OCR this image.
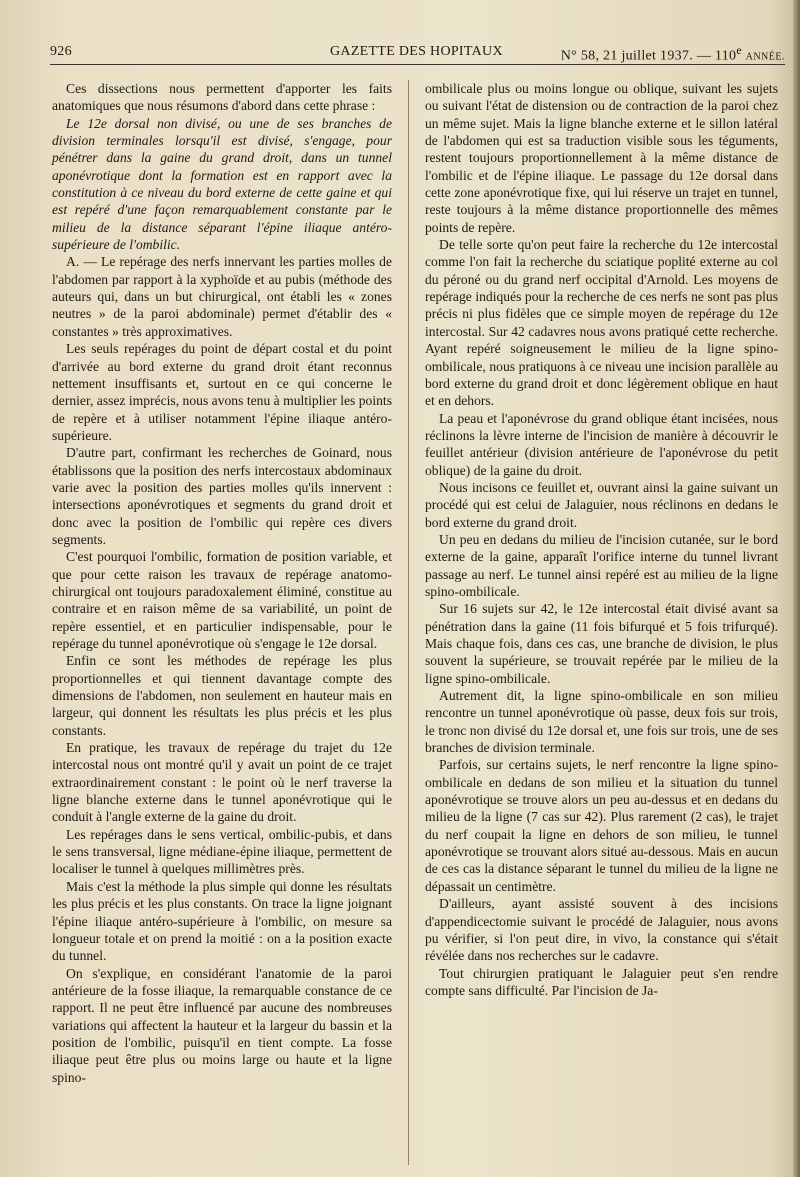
926	GAZETTE DES HOPITAUX	N° 58, 21 juillet 1937. — 110e ANNÉE.

Ces dissections nous permettent d'apporter les faits anatomiques que nous résumons d'abord dans cette phrase :

Le 12e dorsal non divisé, ou une de ses branches de division terminales lorsqu'il est divisé, s'engage, pour pénétrer dans la gaine du grand droit, dans un tunnel aponévrotique dont la formation est en rapport avec la constitution à ce niveau du bord externe de cette gaine et qui est repéré d'une façon remarquablement constante par le milieu de la distance séparant l'épine iliaque antéro-supérieure de l'ombilic.

A. — Le repérage des nerfs innervant les parties molles de l'abdomen par rapport à la xyphoïde et au pubis (méthode des auteurs qui, dans un but chirurgical, ont établi les « zones neutres » de la paroi abdominale) permet d'établir des « constantes » très approximatives.

Les seuls repérages du point de départ costal et du point d'arrivée au bord externe du grand droit étant reconnus nettement insuffisants et, surtout en ce qui concerne le dernier, assez imprécis, nous avons tenu à multiplier les points de repère et à utiliser notamment l'épine iliaque antéro-supérieure.

D'autre part, confirmant les recherches de Goinard, nous établissons que la position des nerfs intercostaux abdominaux varie avec la position des parties molles qu'ils innervent : intersections aponévrotiques et segments du grand droit et donc avec la position de l'ombilic qui repère ces divers segments.

C'est pourquoi l'ombilic, formation de position variable, et que pour cette raison les travaux de repérage anatomo-chirurgical ont toujours paradoxalement éliminé, constitue au contraire et en raison même de sa variabilité, un point de repère essentiel, et en particulier indispensable, pour le repérage du tunnel aponévrotique où s'engage le 12e dorsal.

Enfin ce sont les méthodes de repérage les plus proportionnelles et qui tiennent davantage compte des dimensions de l'abdomen, non seulement en hauteur mais en largeur, qui donnent les résultats les plus précis et les plus constants.

En pratique, les travaux de repérage du trajet du 12e intercostal nous ont montré qu'il y avait un point de ce trajet extraordinairement constant : le point où le nerf traverse la ligne blanche externe dans le tunnel aponévrotique qui le conduit à l'angle externe de la gaine du droit.

Les repérages dans le sens vertical, ombilic-pubis, et dans le sens transversal, ligne médiane-épine iliaque, permettent de localiser le tunnel à quelques millimètres près.

Mais c'est la méthode la plus simple qui donne les résultats les plus précis et les plus constants. On trace la ligne joignant l'épine iliaque antéro-supérieure à l'ombilic, on mesure sa longueur totale et on prend la moitié : on a la position exacte du tunnel.

On s'explique, en considérant l'anatomie de la paroi antérieure de la fosse iliaque, la remarquable constance de ce rapport. Il ne peut être influencé par aucune des nombreuses variations qui affectent la hauteur et la largeur du bassin et la position de l'ombilic, puisqu'il en tient compte. La fosse iliaque peut être plus ou moins large ou haute et la ligne spino-

ombilicale plus ou moins longue ou oblique, suivant les sujets ou suivant l'état de distension ou de contraction de la paroi chez un même sujet. Mais la ligne blanche externe et le sillon latéral de l'abdomen qui est sa traduction visible sous les téguments, restent toujours proportionnellement à la même distance de l'ombilic et de l'épine iliaque. Le passage du 12e dorsal dans cette zone aponévrotique fixe, qui lui réserve un trajet en tunnel, reste toujours à la même distance proportionnelle des mêmes points de repère.

De telle sorte qu'on peut faire la recherche du 12e intercostal comme l'on fait la recherche du sciatique poplité externe au col du péroné ou du grand nerf occipital d'Arnold. Les moyens de repérage indiqués pour la recherche de ces nerfs ne sont pas plus précis ni plus fidèles que ce simple moyen de repérage du 12e intercostal. Sur 42 cadavres nous avons pratiqué cette recherche. Ayant repéré soigneusement le milieu de la ligne spino-ombilicale, nous pratiquons à ce niveau une incision parallèle au bord externe du grand droit et donc légèrement oblique en haut et en dehors.

La peau et l'aponévrose du grand oblique étant incisées, nous réclinons la lèvre interne de l'incision de manière à découvrir le feuillet antérieur (division antérieure de l'aponévrose du petit oblique) de la gaine du droit.

Nous incisons ce feuillet et, ouvrant ainsi la gaine suivant un procédé qui est celui de Jalaguier, nous réclinons en dedans le bord externe du grand droit.

Un peu en dedans du milieu de l'incision cutanée, sur le bord externe de la gaine, apparaît l'orifice interne du tunnel livrant passage au nerf. Le tunnel ainsi repéré est au milieu de la ligne spino-ombilicale.

Sur 16 sujets sur 42, le 12e intercostal était divisé avant sa pénétration dans la gaine (11 fois bifurqué et 5 fois trifurqué). Mais chaque fois, dans ces cas, une branche de division, le plus souvent la supérieure, se trouvait repérée par le milieu de la ligne spino-ombilicale.

Autrement dit, la ligne spino-ombilicale en son milieu rencontre un tunnel aponévrotique où passe, deux fois sur trois, le tronc non divisé du 12e dorsal et, une fois sur trois, une de ses branches de division terminale.

Parfois, sur certains sujets, le nerf rencontre la ligne spino-ombilicale en dedans de son milieu et la situation du tunnel aponévrotique se trouve alors un peu au-dessus et en dedans du milieu de la ligne (7 cas sur 42). Plus rarement (2 cas), le trajet du nerf coupait la ligne en dehors de son milieu, le tunnel aponévrotique se trouvant alors situé au-dessous. Mais en aucun de ces cas la distance séparant le tunnel du milieu de la ligne ne dépassait un centimètre.

D'ailleurs, ayant assisté souvent à des incisions d'appendicectomie suivant le procédé de Jalaguier, nous avons pu vérifier, si l'on peut dire, in vivo, la constance qui s'était révélée dans nos recherches sur le cadavre.

Tout chirurgien pratiquant le Jalaguier peut s'en rendre compte sans difficulté. Par l'incision de Ja-
